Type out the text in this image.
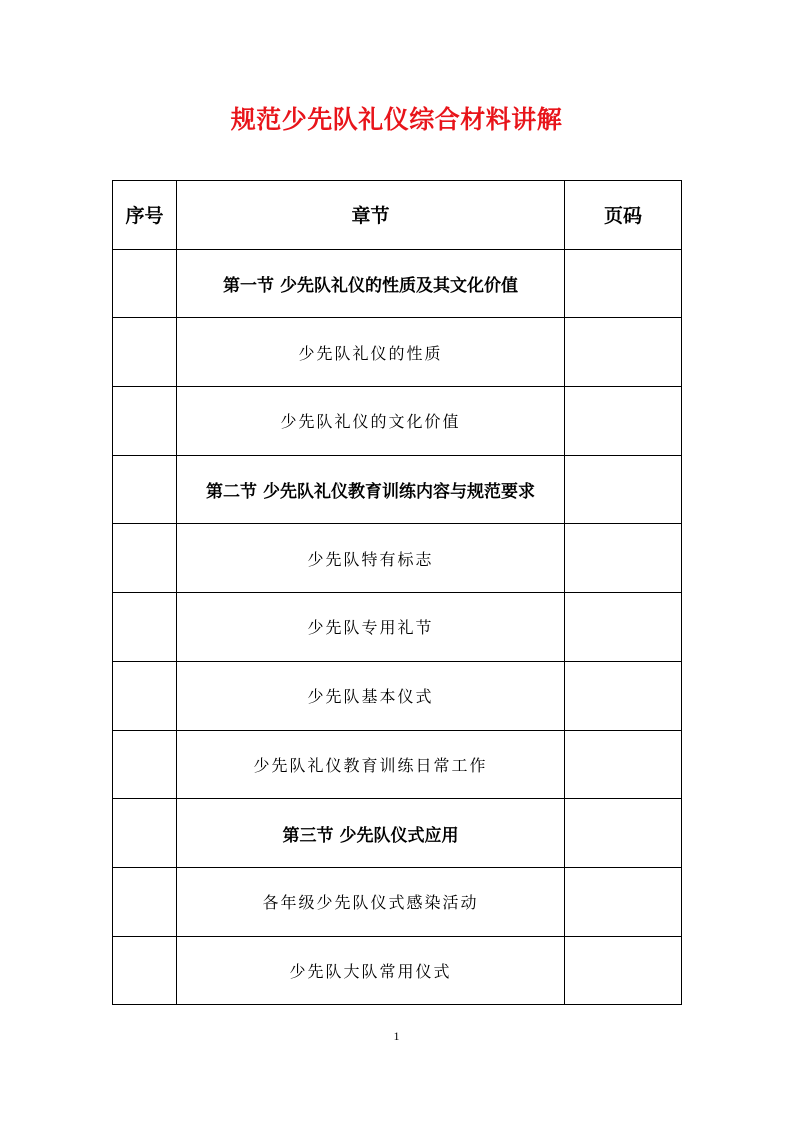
规范少先队礼仪综合材料讲解
序号	章节	页码
	第一节 少先队礼仪的性质及其文化价值	
	少先队礼仪的性质	
	少先队礼仪的文化价值	
	第二节 少先队礼仪教育训练内容与规范要求	
	少先队特有标志	
	少先队专用礼节	
	少先队基本仪式	
	少先队礼仪教育训练日常工作	
	第三节 少先队仪式应用	
	各年级少先队仪式感染活动	
	少先队大队常用仪式	
1
